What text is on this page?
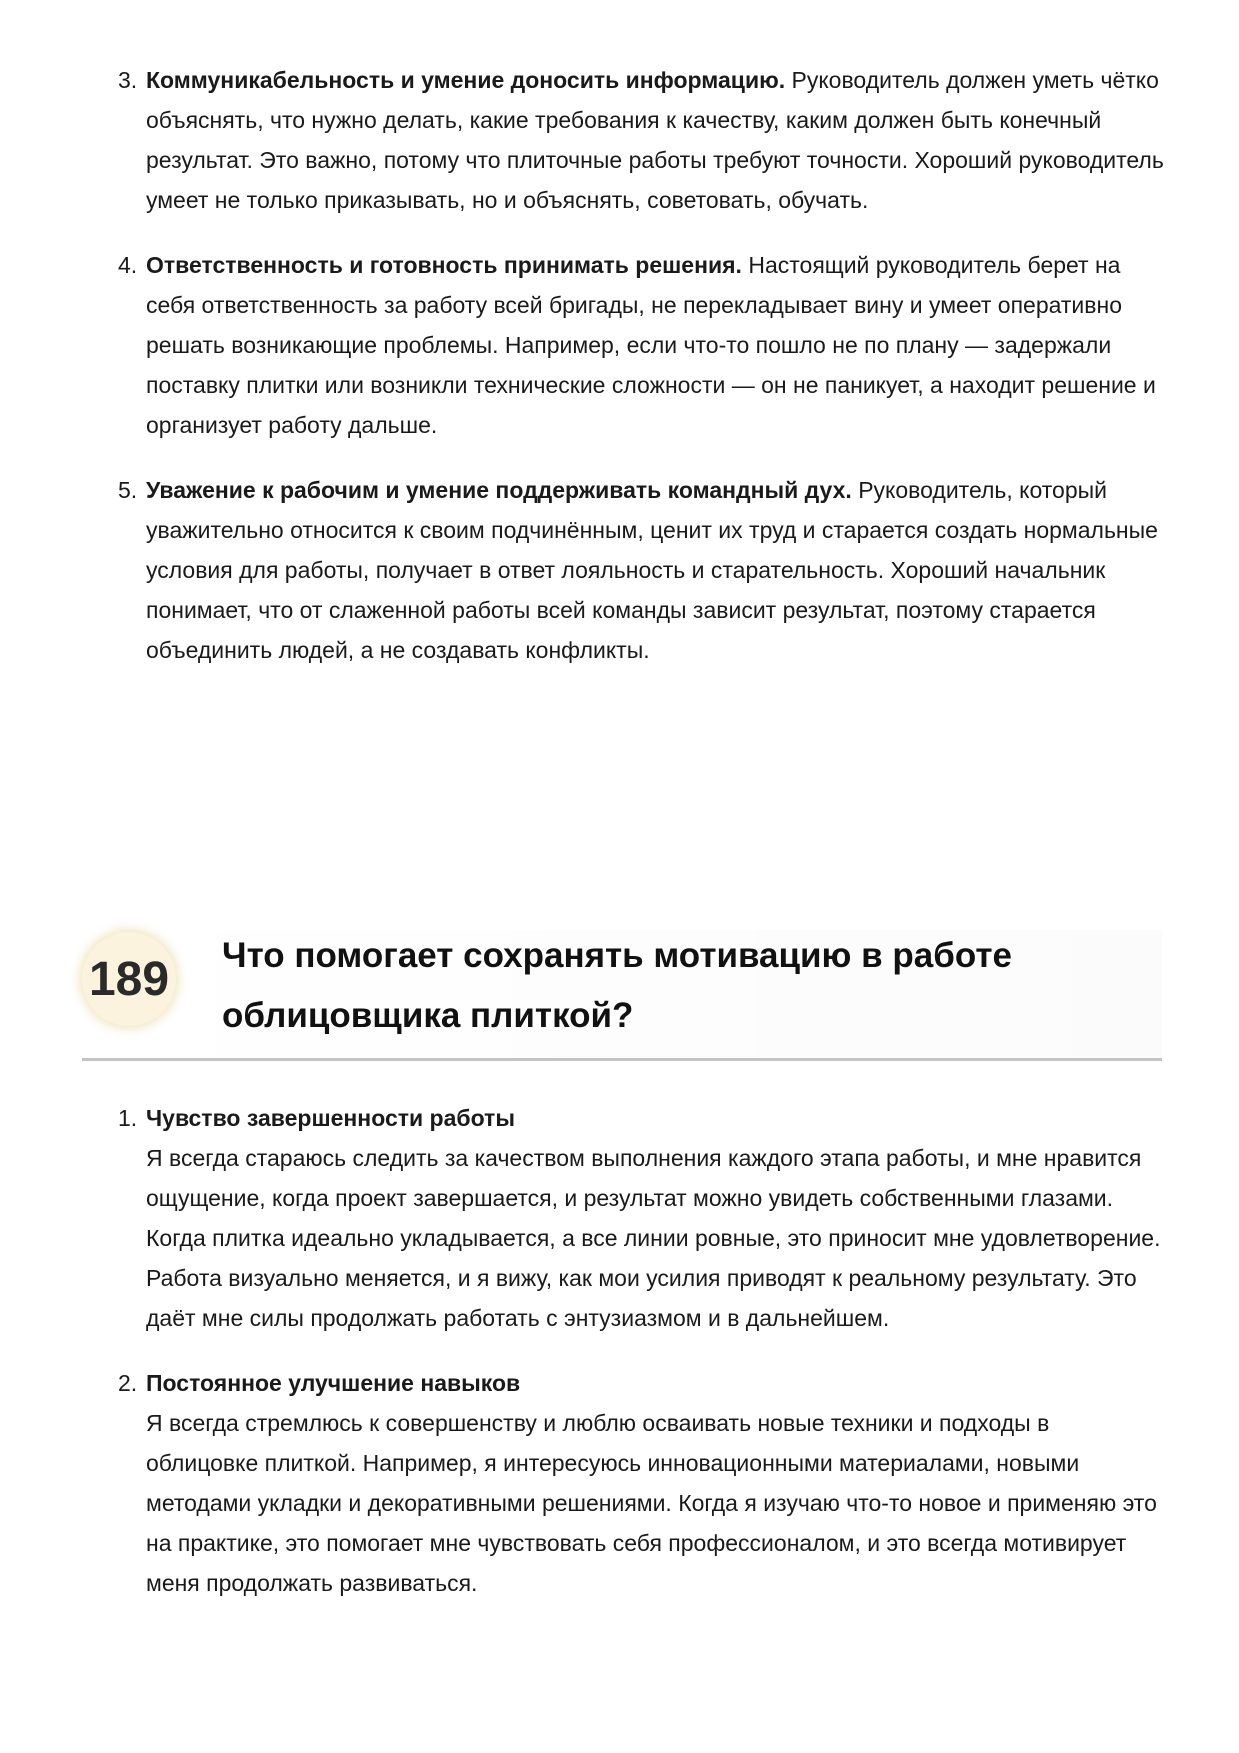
3. Коммуникабельность и умение доносить информацию. Руководитель должен уметь чётко объяснять, что нужно делать, какие требования к качеству, каким должен быть конечный результат. Это важно, потому что плиточные работы требуют точности. Хороший руководитель умеет не только приказывать, но и объяснять, советовать, обучать.
4. Ответственность и готовность принимать решения. Настоящий руководитель берет на себя ответственность за работу всей бригады, не перекладывает вину и умеет оперативно решать возникающие проблемы. Например, если что-то пошло не по плану — задержали поставку плитки или возникли технические сложности — он не паникует, а находит решение и организует работу дальше.
5. Уважение к рабочим и умение поддерживать командный дух. Руководитель, который уважительно относится к своим подчинённым, ценит их труд и старается создать нормальные условия для работы, получает в ответ лояльность и старательность. Хороший начальник понимает, что от слаженной работы всей команды зависит результат, поэтому старается объединить людей, а не создавать конфликты.
189 Что помогает сохранять мотивацию в работе облицовщика плиткой?
1. Чувство завершенности работы
Я всегда стараюсь следить за качеством выполнения каждого этапа работы, и мне нравится ощущение, когда проект завершается, и результат можно увидеть собственными глазами. Когда плитка идеально укладывается, а все линии ровные, это приносит мне удовлетворение. Работа визуально меняется, и я вижу, как мои усилия приводят к реальному результату. Это даёт мне силы продолжать работать с энтузиазмом и в дальнейшем.
2. Постоянное улучшение навыков
Я всегда стремлюсь к совершенству и люблю осваивать новые техники и подходы в облицовке плиткой. Например, я интересуюсь инновационными материалами, новыми методами укладки и декоративными решениями. Когда я изучаю что-то новое и применяю это на практике, это помогает мне чувствовать себя профессионалом, и это всегда мотивирует меня продолжать развиваться.
